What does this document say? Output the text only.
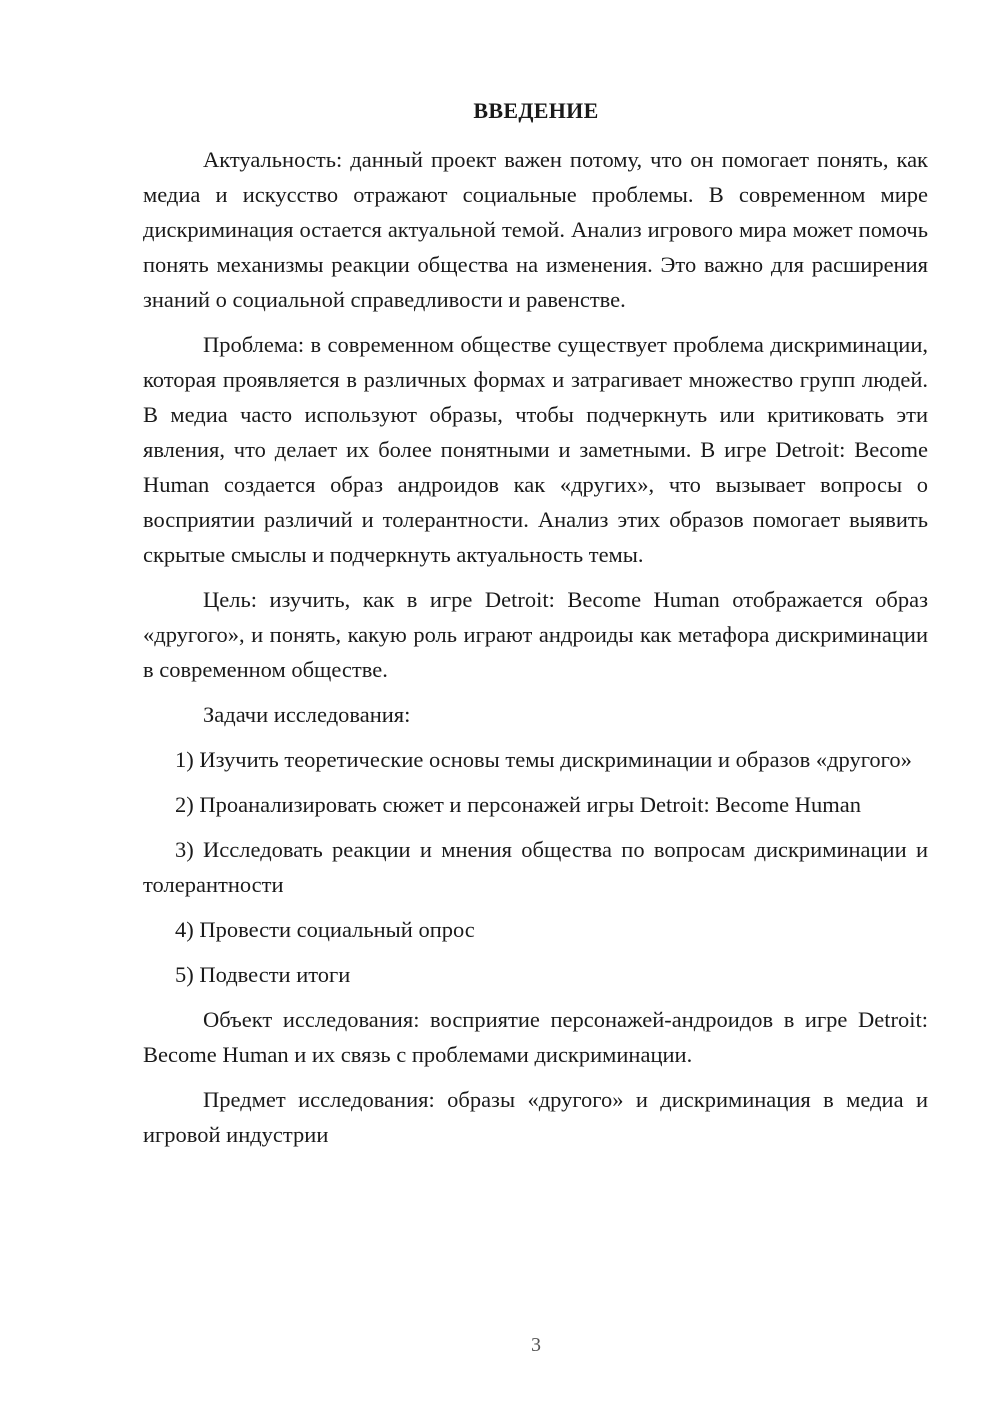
ВВЕДЕНИЕ

Актуальность: данный проект важен потому, что он помогает понять, как медиа и искусство отражают социальные проблемы. В современном мире дискриминация остается актуальной темой. Анализ игрового мира может помочь понять механизмы реакции общества на изменения. Это важно для расширения знаний о социальной справедливости и равенстве.

Проблема: в современном обществе существует проблема дискриминации, которая проявляется в различных формах и затрагивает множество групп людей. В медиа часто используют образы, чтобы подчеркнуть или критиковать эти явления, что делает их более понятными и заметными. В игре Detroit: Become Human создается образ андроидов как «других», что вызывает вопросы о восприятии различий и толерантности. Анализ этих образов помогает выявить скрытые смыслы и подчеркнуть актуальность темы.

Цель: изучить, как в игре Detroit: Become Human отображается образ «другого», и понять, какую роль играют андроиды как метафора дискриминации в современном обществе.

Задачи исследования:

1) Изучить теоретические основы темы дискриминации и образов «другого»

2) Проанализировать сюжет и персонажей игры Detroit: Become Human

3) Исследовать реакции и мнения общества по вопросам дискриминации и толерантности

4) Провести социальный опрос

5) Подвести итоги

Объект исследования: восприятие персонажей-андроидов в игре Detroit: Become Human и их связь с проблемами дискриминации.

Предмет исследования: образы «другого» и дискриминация в медиа и игровой индустрии

3
